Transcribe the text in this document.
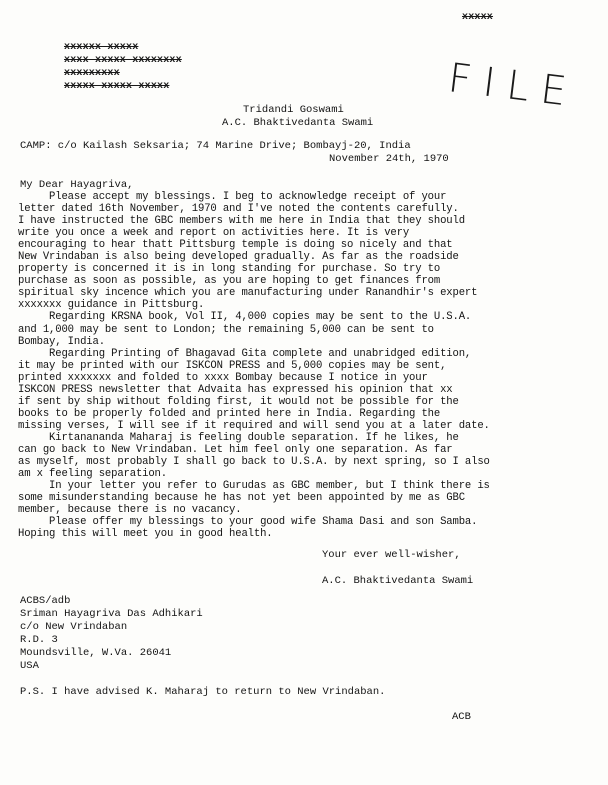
xxxxx
xxxxxx xxxxx
xxxx xxxxx xxxxxxxx
xxxxxxxxx
xxxxx xxxxx xxxxx	FILE
Tridandi Goswami
A.C. Bhaktivedanta Swami
CAMP: c/o Kailash Seksaria; 74 Marine Drive; Bombayj-20, India
November 24th, 1970
My Dear Hayagriva,
Please accept my blessings. I beg to acknowledge receipt of your
letter dated 16th November, 1970 and I've noted the contents carefully.
I have instructed the GBC members with me here in India that they should
write you once a week and report on activities here. It is very
encouraging to hear thatt Pittsburg temple is doing so nicely and that
New Vrindaban is also being developed gradually. As far as the roadside
property is concerned it is in long standing for purchase. So try to
purchase as soon as possible, as you are hoping to get finances from
spiritual sky incence which you are manufacturing under Ranandhir's expert
xxxxxxx guidance in Pittsburg.
Regarding KRSNA book, Vol II, 4,000 copies may be sent to the U.S.A.
and 1,000 may be sent to London; the remaining 5,000 can be sent to
Bombay, India.
Regarding Printing of Bhagavad Gita complete and unabridged edition,
it may be printed with our ISKCON PRESS and 5,000 copies may be sent,
printed xxxxxxx and folded to xxxx Bombay because I notice in your
ISKCON PRESS newsletter that Advaita has expressed his opinion that xx
if sent by ship without folding first, it would not be possible for the
books to be properly folded and printed here in India. Regarding the
missing verses, I will see if it required and will send you at a later date.
Kirtanananda Maharaj is feeling double separation. If he likes, he
can go back to New Vrindaban. Let him feel only one separation. As far
as myself, most probably I shall go back to U.S.A. by next spring, so I also
am x feeling separation.
In your letter you refer to Gurudas as GBC member, but I think there is
some misunderstanding because he has not yet been appointed by me as GBC
member, because there is no vacancy.
Please offer my blessings to your good wife Shama Dasi and son Samba.
Hoping this will meet you in good health.
Your ever well-wisher,
A.C. Bhaktivedanta Swami
ACBS/adb
Sriman Hayagriva Das Adhikari
c/o New Vrindaban
R.D. 3
Moundsville, W.Va. 26041
USA
P.S. I have advised K. Maharaj to return to New Vrindaban.
ACB
